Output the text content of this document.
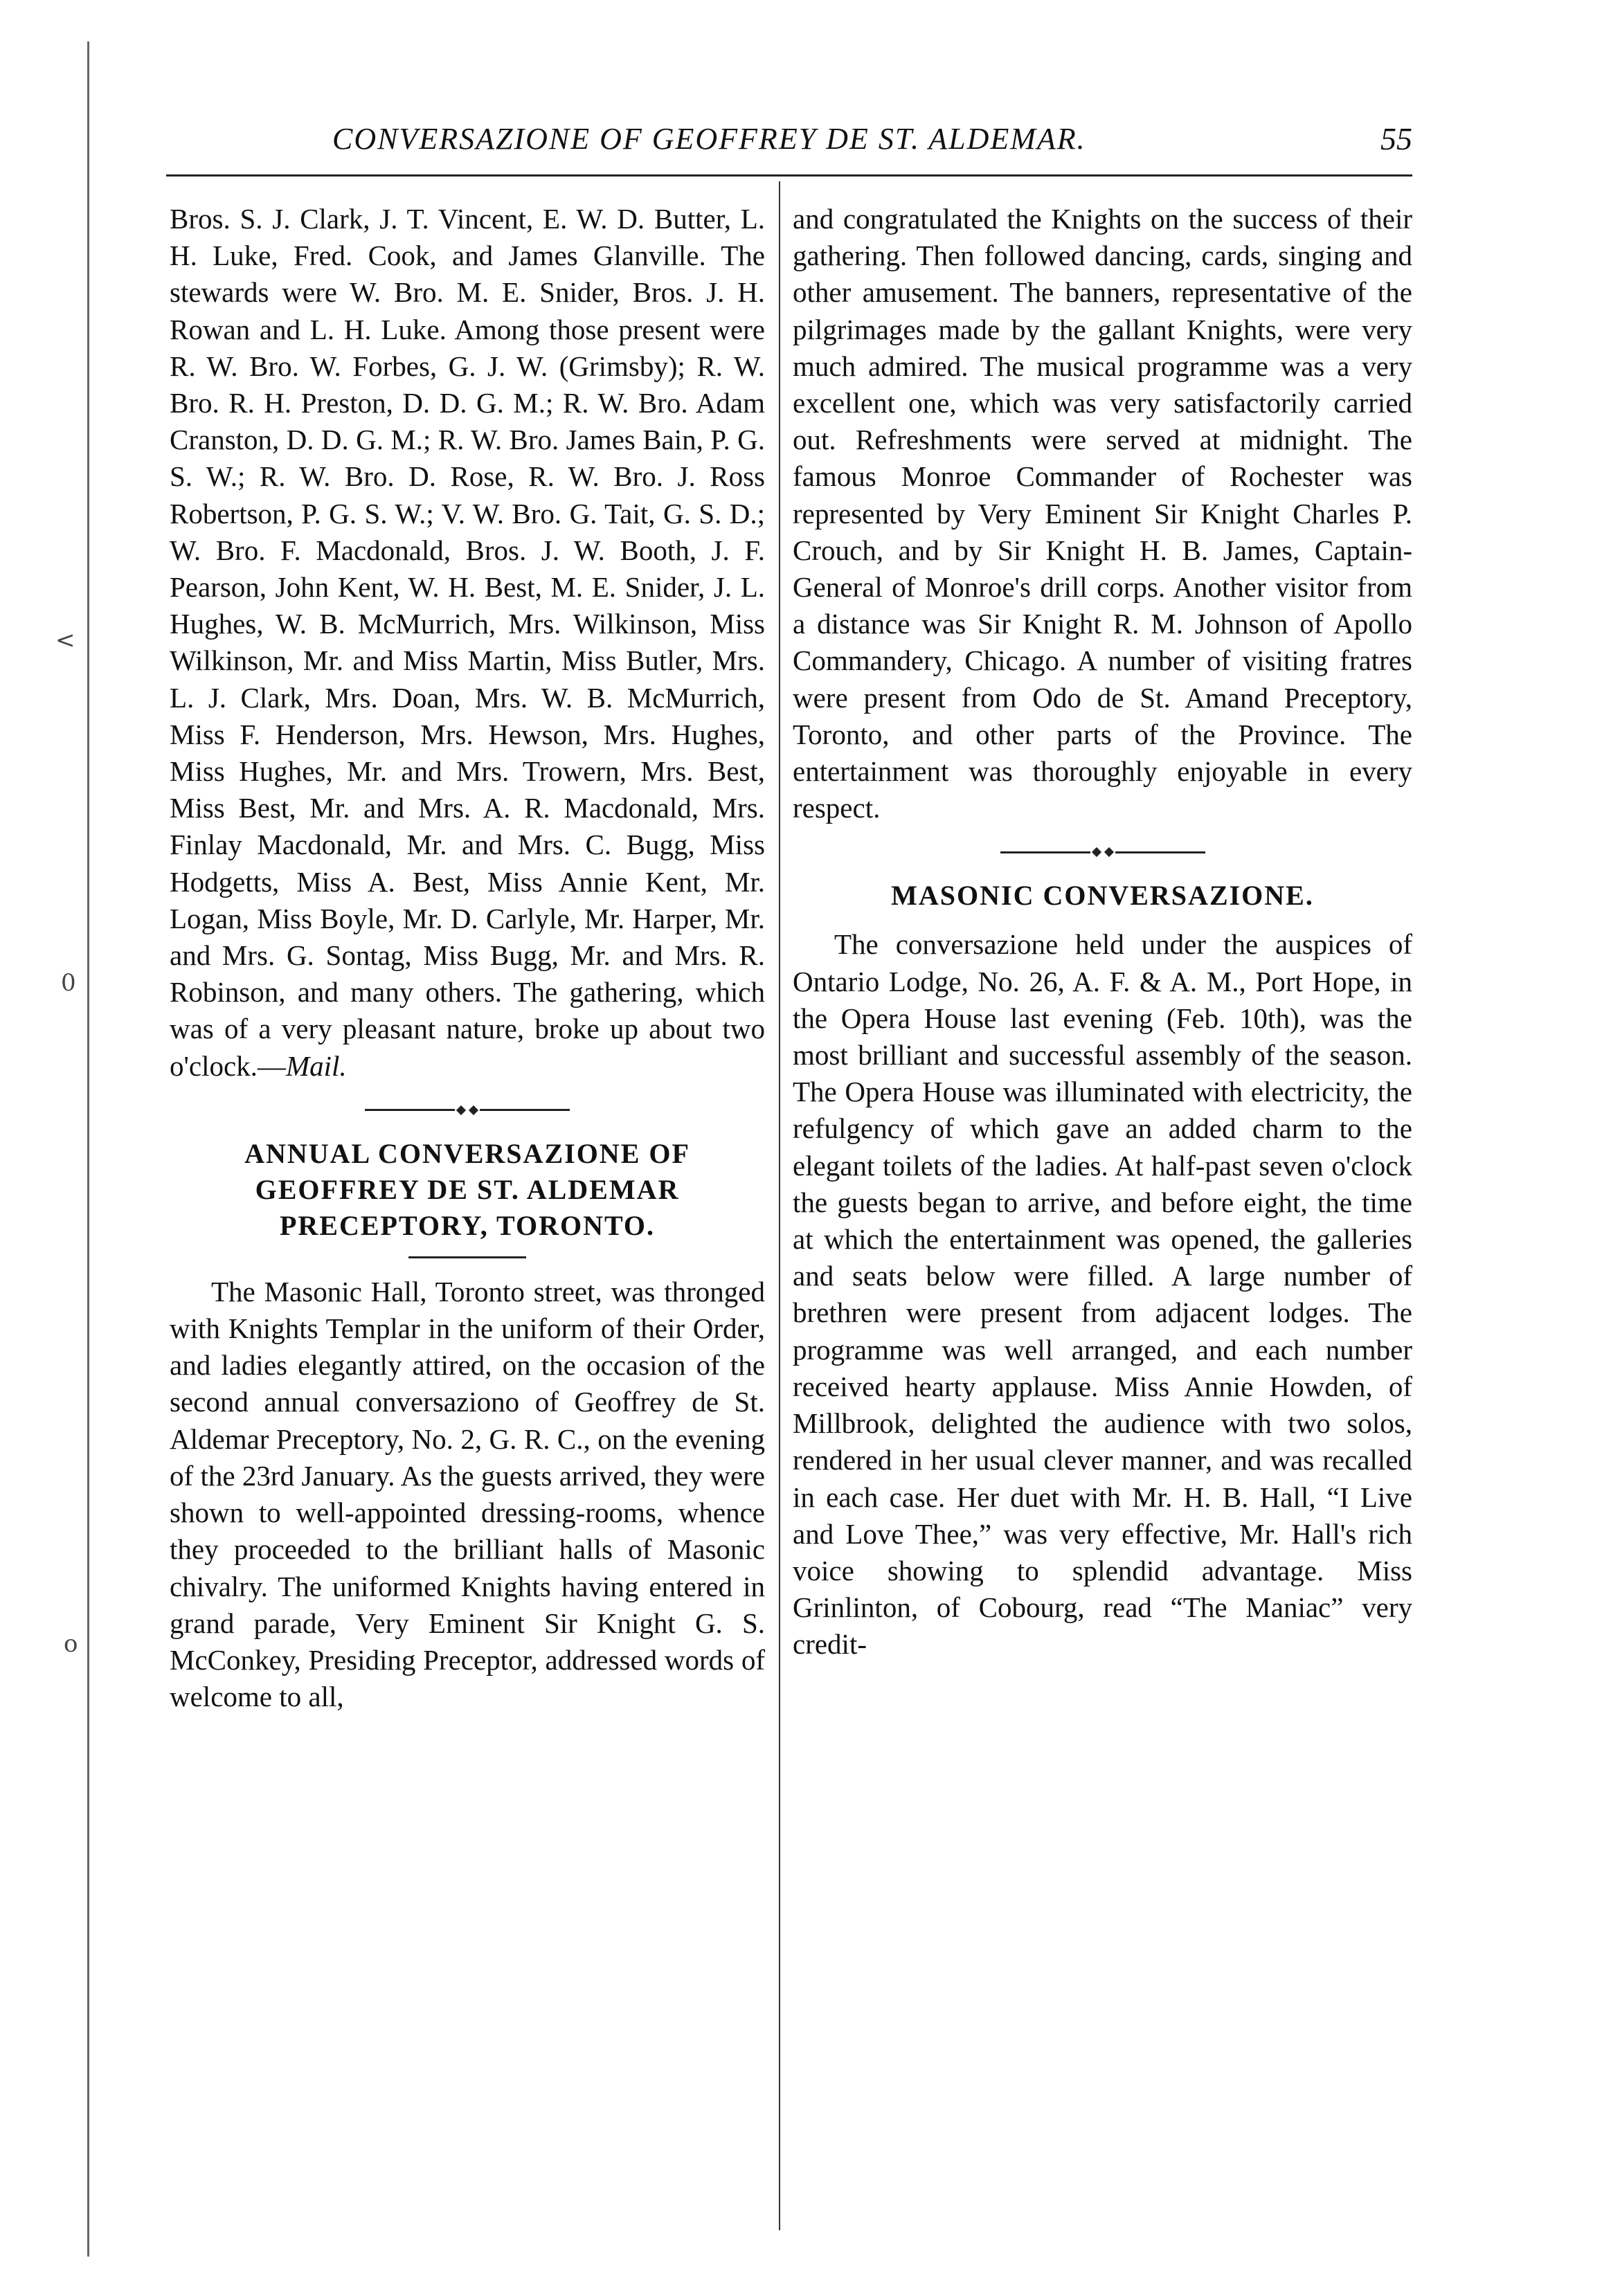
<
0
o
CONVERSAZIONE OF GEOFFREY DE ST. ALDEMAR.	55

Bros. S. J. Clark, J. T. Vincent, E. W. D. Butter, L. H. Luke, Fred. Cook, and James Glanville. The stewards were W. Bro. M. E. Snider, Bros. J. H. Rowan and L. H. Luke. Among those present were R. W. Bro. W. Forbes, G. J. W. (Grimsby); R. W. Bro. R. H. Preston, D. D. G. M.; R. W. Bro. Adam Cranston, D. D. G. M.; R. W. Bro. James Bain, P. G. S. W.; R. W. Bro. D. Rose, R. W. Bro. J. Ross Robertson, P. G. S. W.; V. W. Bro. G. Tait, G. S. D.; W. Bro. F. Macdonald, Bros. J. W. Booth, J. F. Pearson, John Kent, W. H. Best, M. E. Snider, J. L. Hughes, W. B. McMurrich, Mrs. Wilkinson, Miss Wilkinson, Mr. and Miss Martin, Miss Butler, Mrs. L. J. Clark, Mrs. Doan, Mrs. W. B. McMurrich, Miss F. Henderson, Mrs. Hewson, Mrs. Hughes, Miss Hughes, Mr. and Mrs. Trowern, Mrs. Best, Miss Best, Mr. and Mrs. A. R. Macdonald, Mrs. Finlay Macdonald, Mr. and Mrs. C. Bugg, Miss Hodgetts, Miss A. Best, Miss Annie Kent, Mr. Logan, Miss Boyle, Mr. D. Carlyle, Mr. Harper, Mr. and Mrs. G. Sontag, Miss Bugg, Mr. and Mrs. R. Robinson, and many others. The gathering, which was of a very pleasant nature, broke up about two o'clock.—Mail.

ANNUAL CONVERSAZIONE OF GEOFFREY DE ST. ALDEMAR PRECEPTORY, TORONTO.

The Masonic Hall, Toronto street, was thronged with Knights Templar in the uniform of their Order, and ladies elegantly attired, on the occasion of the second annual conversaziono of Geoffrey de St. Aldemar Preceptory, No. 2, G. R. C., on the evening of the 23rd January. As the guests arrived, they were shown to well-appointed dressing-rooms, whence they proceeded to the brilliant halls of Masonic chivalry. The uniformed Knights having entered in grand parade, Very Eminent Sir Knight G. S. McConkey, Presiding Preceptor, addressed words of welcome to all,

and congratulated the Knights on the success of their gathering. Then followed dancing, cards, singing and other amusement. The banners, representative of the pilgrimages made by the gallant Knights, were very much admired. The musical programme was a very excellent one, which was very satisfactorily carried out. Refreshments were served at midnight. The famous Monroe Commander of Rochester was represented by Very Eminent Sir Knight Charles P. Crouch, and by Sir Knight H. B. James, Captain-General of Monroe's drill corps. Another visitor from a distance was Sir Knight R. M. Johnson of Apollo Commandery, Chicago. A number of visiting fratres were present from Odo de St. Amand Preceptory, Toronto, and other parts of the Province. The entertainment was thoroughly enjoyable in every respect.

MASONIC CONVERSAZIONE.

The conversazione held under the auspices of Ontario Lodge, No. 26, A. F. & A. M., Port Hope, in the Opera House last evening (Feb. 10th), was the most brilliant and successful assembly of the season. The Opera House was illuminated with electricity, the refulgency of which gave an added charm to the elegant toilets of the ladies. At half-past seven o'clock the guests began to arrive, and before eight, the time at which the entertainment was opened, the galleries and seats below were filled. A large number of brethren were present from adjacent lodges. The programme was well arranged, and each number received hearty applause. Miss Annie Howden, of Millbrook, delighted the audience with two solos, rendered in her usual clever manner, and was recalled in each case. Her duet with Mr. H. B. Hall, “I Live and Love Thee,” was very effective, Mr. Hall's rich voice showing to splendid advantage. Miss Grinlinton, of Cobourg, read “The Maniac” very credit-
